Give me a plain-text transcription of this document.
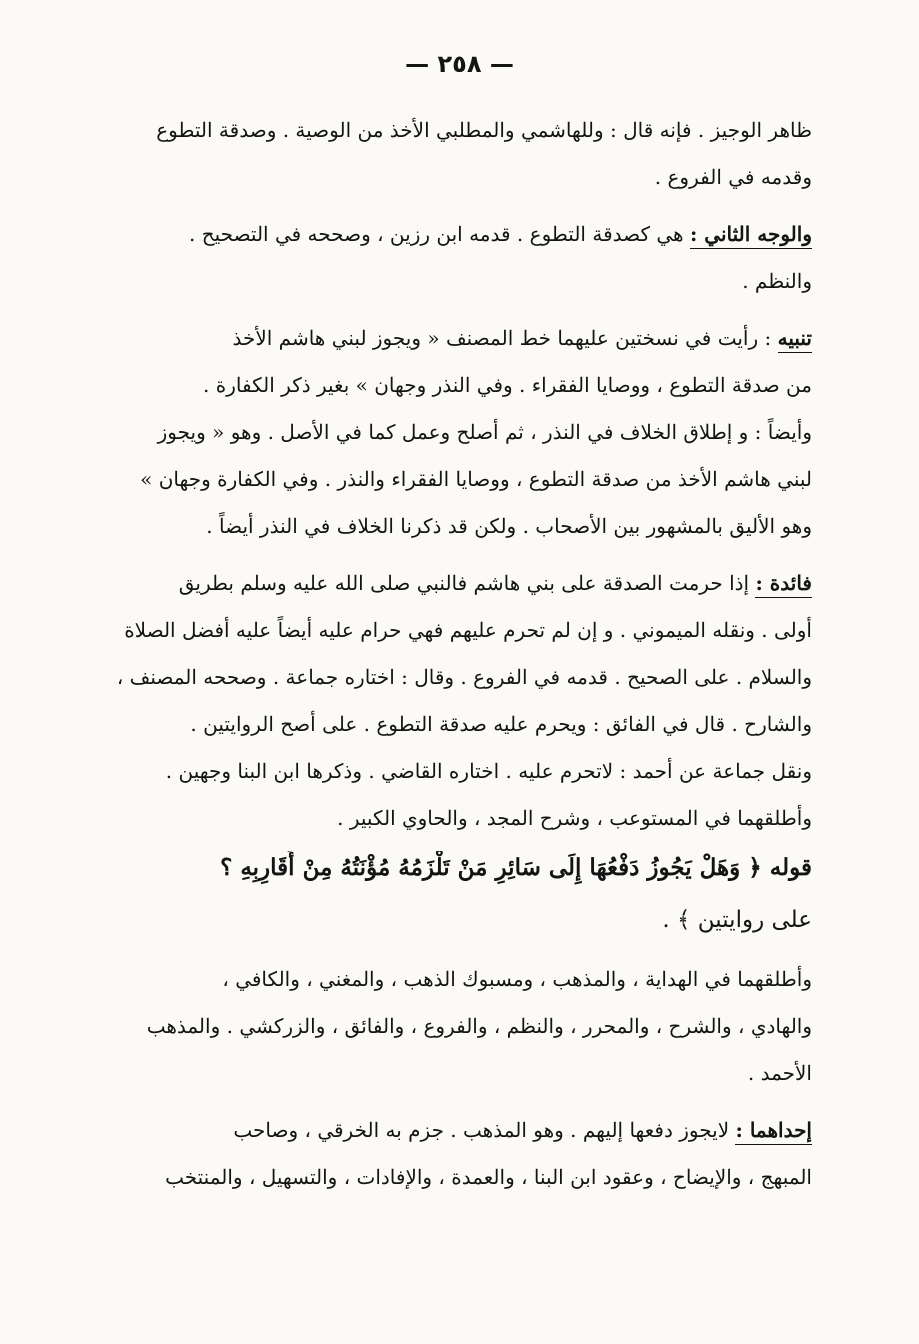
— ٢٥٨ —
ظاهر الوجيز . فإنه قال : وللهاشمي والمطلبي الأخذ من الوصية . وصدقة التطوع
وقدمه في الفروع .
والوجه الثاني : هي كصدقة التطوع . قدمه ابن رزين ، وصححه في التصحيح .
والنظم .
تنبيه : رأيت في نسختين عليهما خط المصنف « ويجوز لبني هاشم الأخذ
من صدقة التطوع ، ووصايا الفقراء . وفي النذر وجهان » بغير ذكر الكفارة .
وأيضاً : و إطلاق الخلاف في النذر ، ثم أصلح وعمل كما في الأصل . وهو « ويجوز
لبني هاشم الأخذ من صدقة التطوع ، ووصايا الفقراء والنذر . وفي الكفارة وجهان »
وهو الأليق بالمشهور بين الأصحاب . ولكن قد ذكرنا الخلاف في النذر أيضاً .
فائدة : إذا حرمت الصدقة على بني هاشم فالنبي صلى الله عليه وسلم بطريق
أولى . ونقله الميموني . و إن لم تحرم عليهم فهي حرام عليه أيضاً عليه أفضل الصلاة
والسلام . على الصحيح . قدمه في الفروع . وقال : اختاره جماعة . وصححه المصنف ،
والشارح . قال في الفائق : ويحرم عليه صدقة التطوع . على أصح الروايتين .
ونقل جماعة عن أحمد : لاتحرم عليه . اختاره القاضي . وذكرها ابن البنا وجهين .
وأطلقهما في المستوعب ، وشرح المجد ، والحاوي الكبير .
قوله ﴿ وَهَلْ يَجُوزُ دَفْعُهَا إِلَى سَائِرِ مَنْ تَلْزَمُهُ مُؤْنَتُهُ مِنْ أَقَارِبِهِ ؟
على روايتين ﴾ .
وأطلقهما في الهداية ، والمذهب ، ومسبوك الذهب ، والمغني ، والكافي ،
والهادي ، والشرح ، والمحرر ، والنظم ، والفروع ، والفائق ، والزركشي . والمذهب
الأحمد .
إحداهما : لايجوز دفعها إليهم . وهو المذهب . جزم به الخرقي ، وصاحب
المبهج ، والإيضاح ، وعقود ابن البنا ، والعمدة ، والإفادات ، والتسهيل ، والمنتخب
